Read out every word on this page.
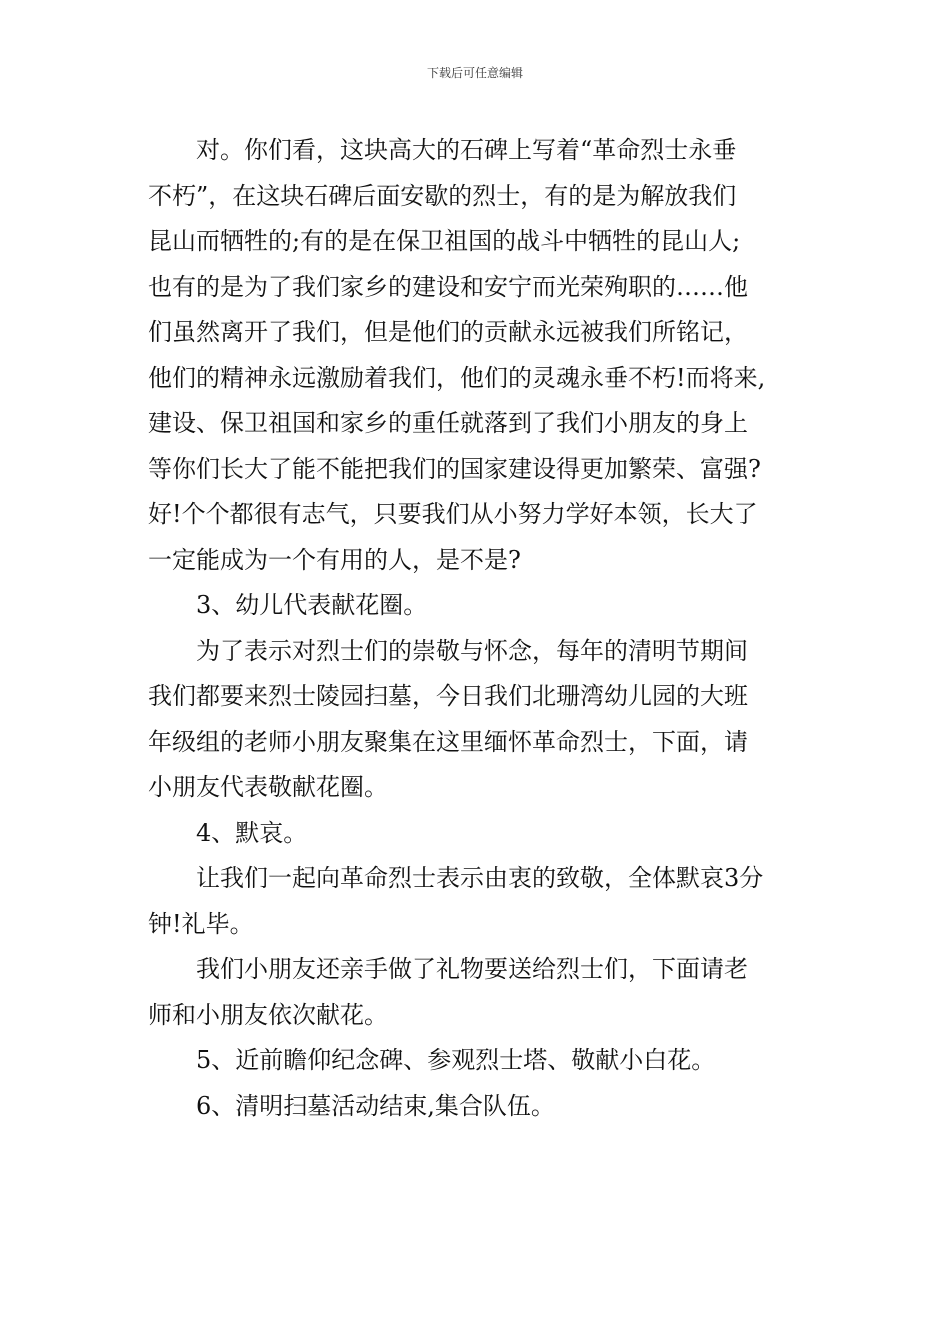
下载后可任意编辑
对。你们看，这块高大的石碑上写着“革命烈士永垂
不朽”，在这块石碑后面安歇的烈士，有的是为解放我们
昆山而牺牲的;有的是在保卫祖国的战斗中牺牲的昆山人;
也有的是为了我们家乡的建设和安宁而光荣殉职的……他
们虽然离开了我们，但是他们的贡献永远被我们所铭记，
他们的精神永远激励着我们，他们的灵魂永垂不朽!而将来,
建设、保卫祖国和家乡的重任就落到了我们小朋友的身上
等你们长大了能不能把我们的国家建设得更加繁荣、富强?
好!个个都很有志气，只要我们从小努力学好本领，长大了
一定能成为一个有用的人，是不是?
3、幼儿代表献花圈。
为了表示对烈士们的崇敬与怀念，每年的清明节期间
我们都要来烈士陵园扫墓，今日我们北珊湾幼儿园的大班
年级组的老师小朋友聚集在这里缅怀革命烈士，下面，请
小朋友代表敬献花圈。
4、默哀。
让我们一起向革命烈士表示由衷的致敬，全体默哀3分
钟!礼毕。
我们小朋友还亲手做了礼物要送给烈士们，下面请老
师和小朋友依次献花。
5、近前瞻仰纪念碑、参观烈士塔、敬献小白花。
6、清明扫墓活动结束,集合队伍。
